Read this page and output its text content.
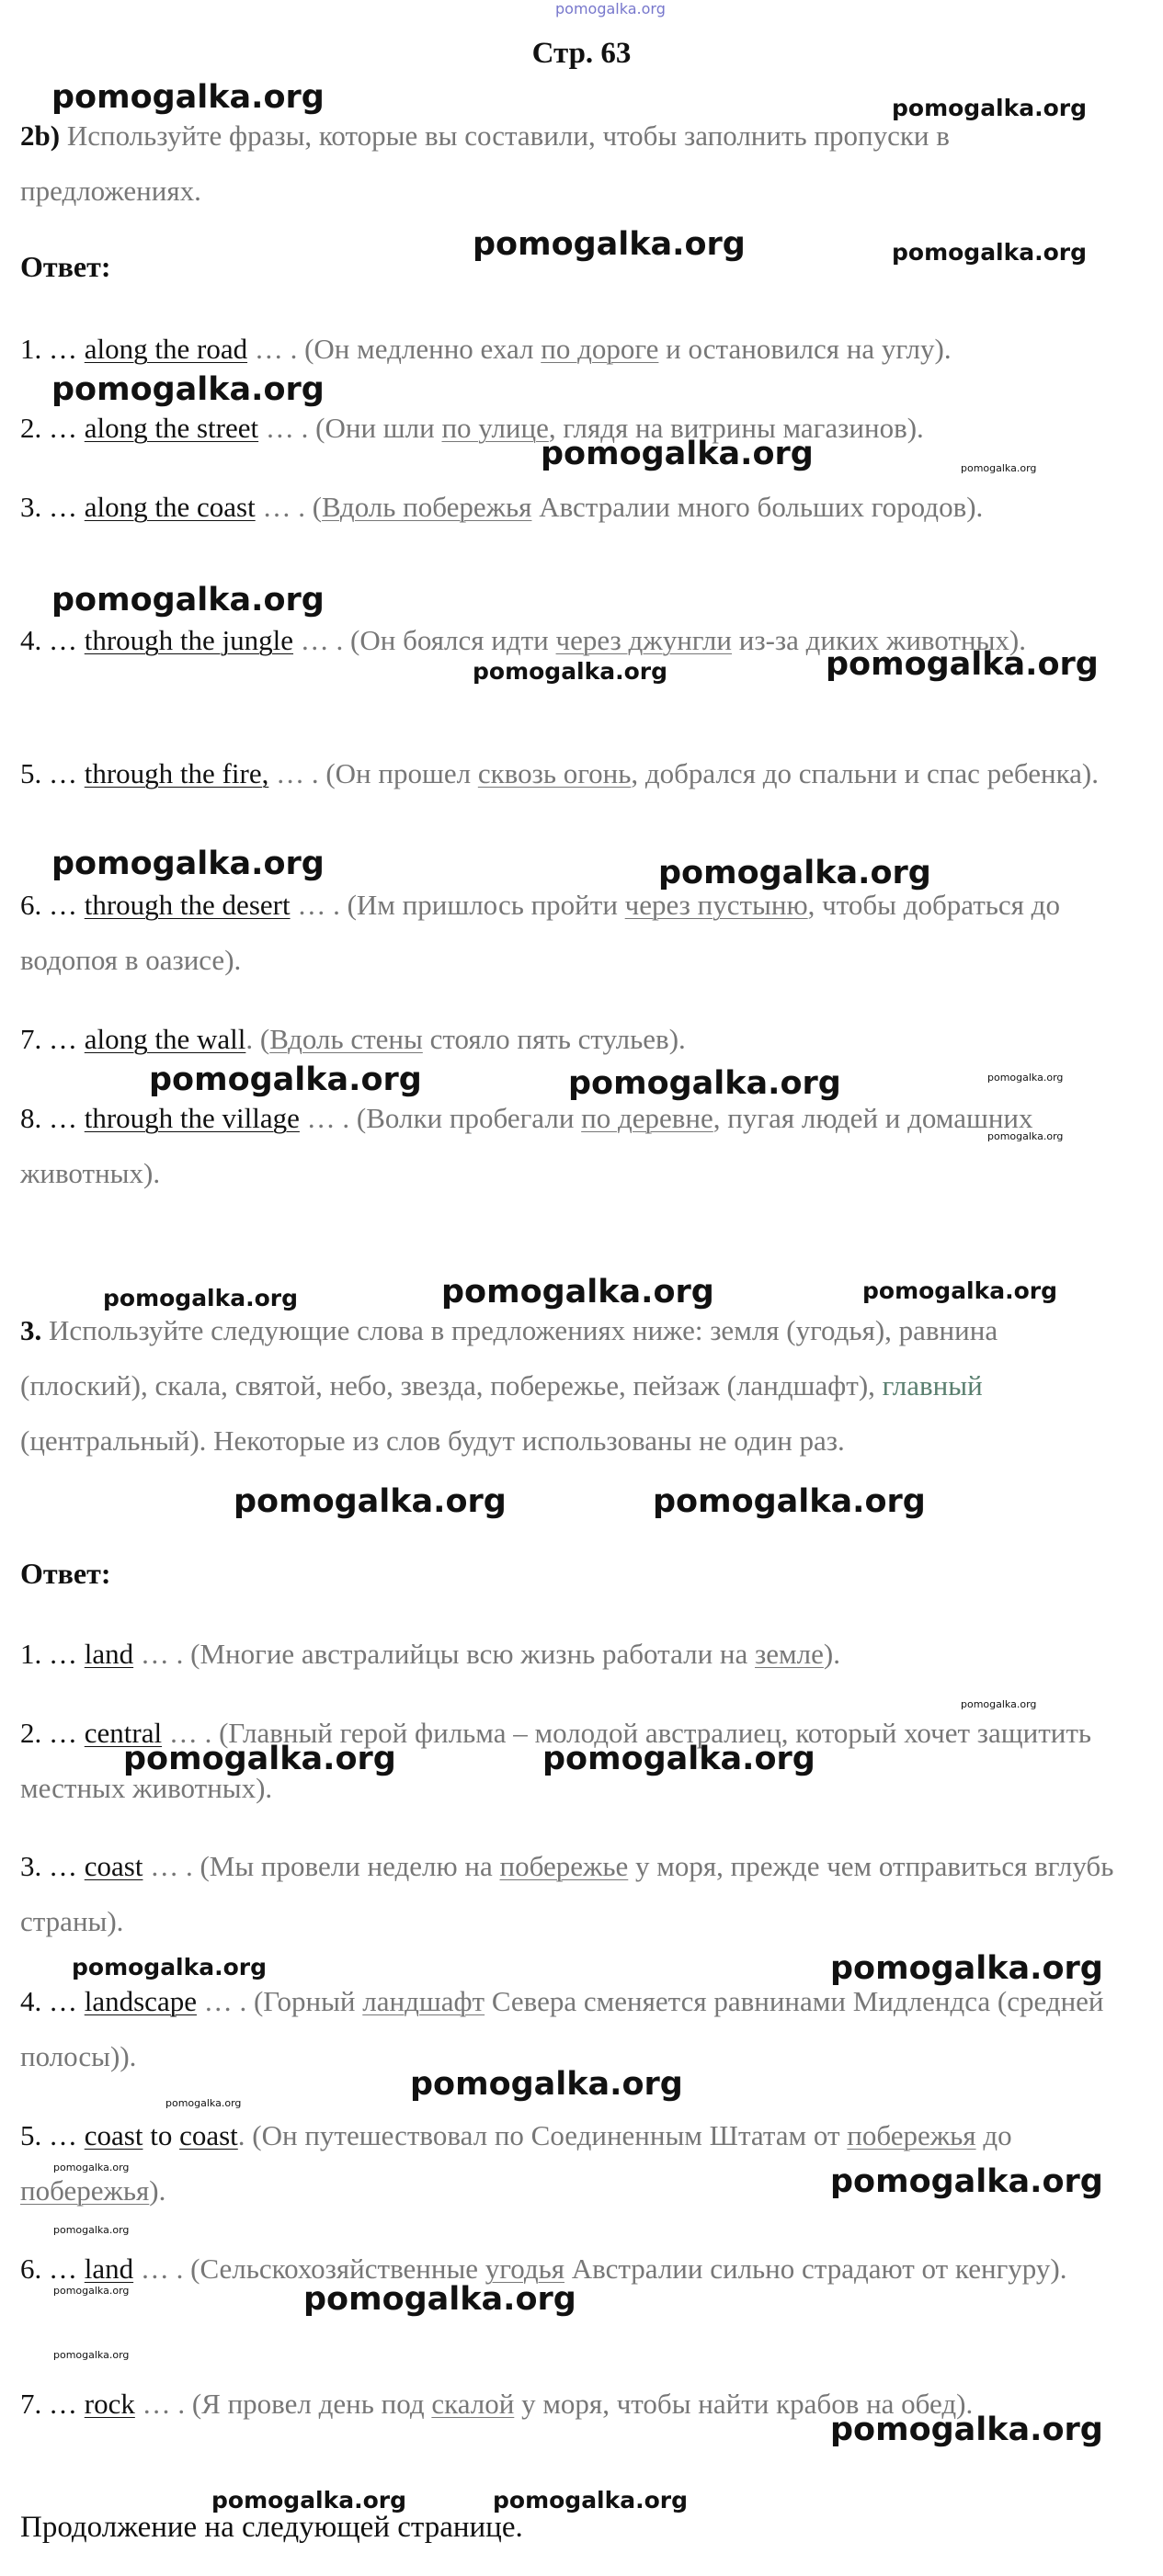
pomogalka.org
Стр. 63
2b) Используйте фразы, которые вы составили, чтобы заполнить пропуски в предложениях.
Ответ:
1. … along the road … . (Он медленно ехал по дороге и остановился на углу).
2. … along the street … . (Они шли по улице, глядя на витрины магазинов).
3. … along the coast … . (Вдоль побережья Австралии много больших городов).
4. … through the jungle … . (Он боялся идти через джунгли из-за диких животных).
5. … through the fire, … . (Он прошел сквозь огонь, добрался до спальни и спас ребенка).
6. … through the desert … . (Им пришлось пройти через пустыню, чтобы добраться до водопоя в оазисе).
7. … along the wall. (Вдоль стены стояло пять стульев).
8. … through the village … . (Волки пробегали по деревне, пугая людей и домашних животных).
3. Используйте следующие слова в предложениях ниже: земля (угодья), равнина (плоский), скала, святой, небо, звезда, побережье, пейзаж (ландшафт), главный (центральный). Некоторые из слов будут использованы не один раз.
Ответ:
1. … land … . (Многие австралийцы всю жизнь работали на земле).
2. … central … . (Главный герой фильма – молодой австралиец, который хочет защитить местных животных).
3. … coast … . (Мы провели неделю на побережье у моря, прежде чем отправиться вглубь страны).
4. … landscape … . (Горный ландшафт Севера сменяется равнинами Мидлендса (средней полосы)).
5. … coast to coast. (Он путешествовал по Соединенным Штатам от побережья до побережья).
6. … land … . (Сельскохозяйственные угодья Австралии сильно страдают от кенгуру).
7. … rock … . (Я провел день под скалой у моря, чтобы найти крабов на обед).
Продолжение на следующей странице.
pomogalka.org	pomogalka.org
pomogalka.org	pomogalka.org
pomogalka.org
pomogalka.org	pomogalka.org
pomogalka.org
pomogalka.org	pomogalka.org
pomogalka.org	pomogalka.org
pomogalka.org	pomogalka.org	pomogalka.org
pomogalka.org
pomogalka.org	pomogalka.org	pomogalka.org
pomogalka.org	pomogalka.org
pomogalka.org
pomogalka.org	pomogalka.org
pomogalka.org	pomogalka.org
pomogalka.org
pomogalka.org
pomogalka.org	pomogalka.org
pomogalka.org
pomogalka.org	pomogalka.org
pomogalka.org
pomogalka.org
pomogalka.org	pomogalka.org
